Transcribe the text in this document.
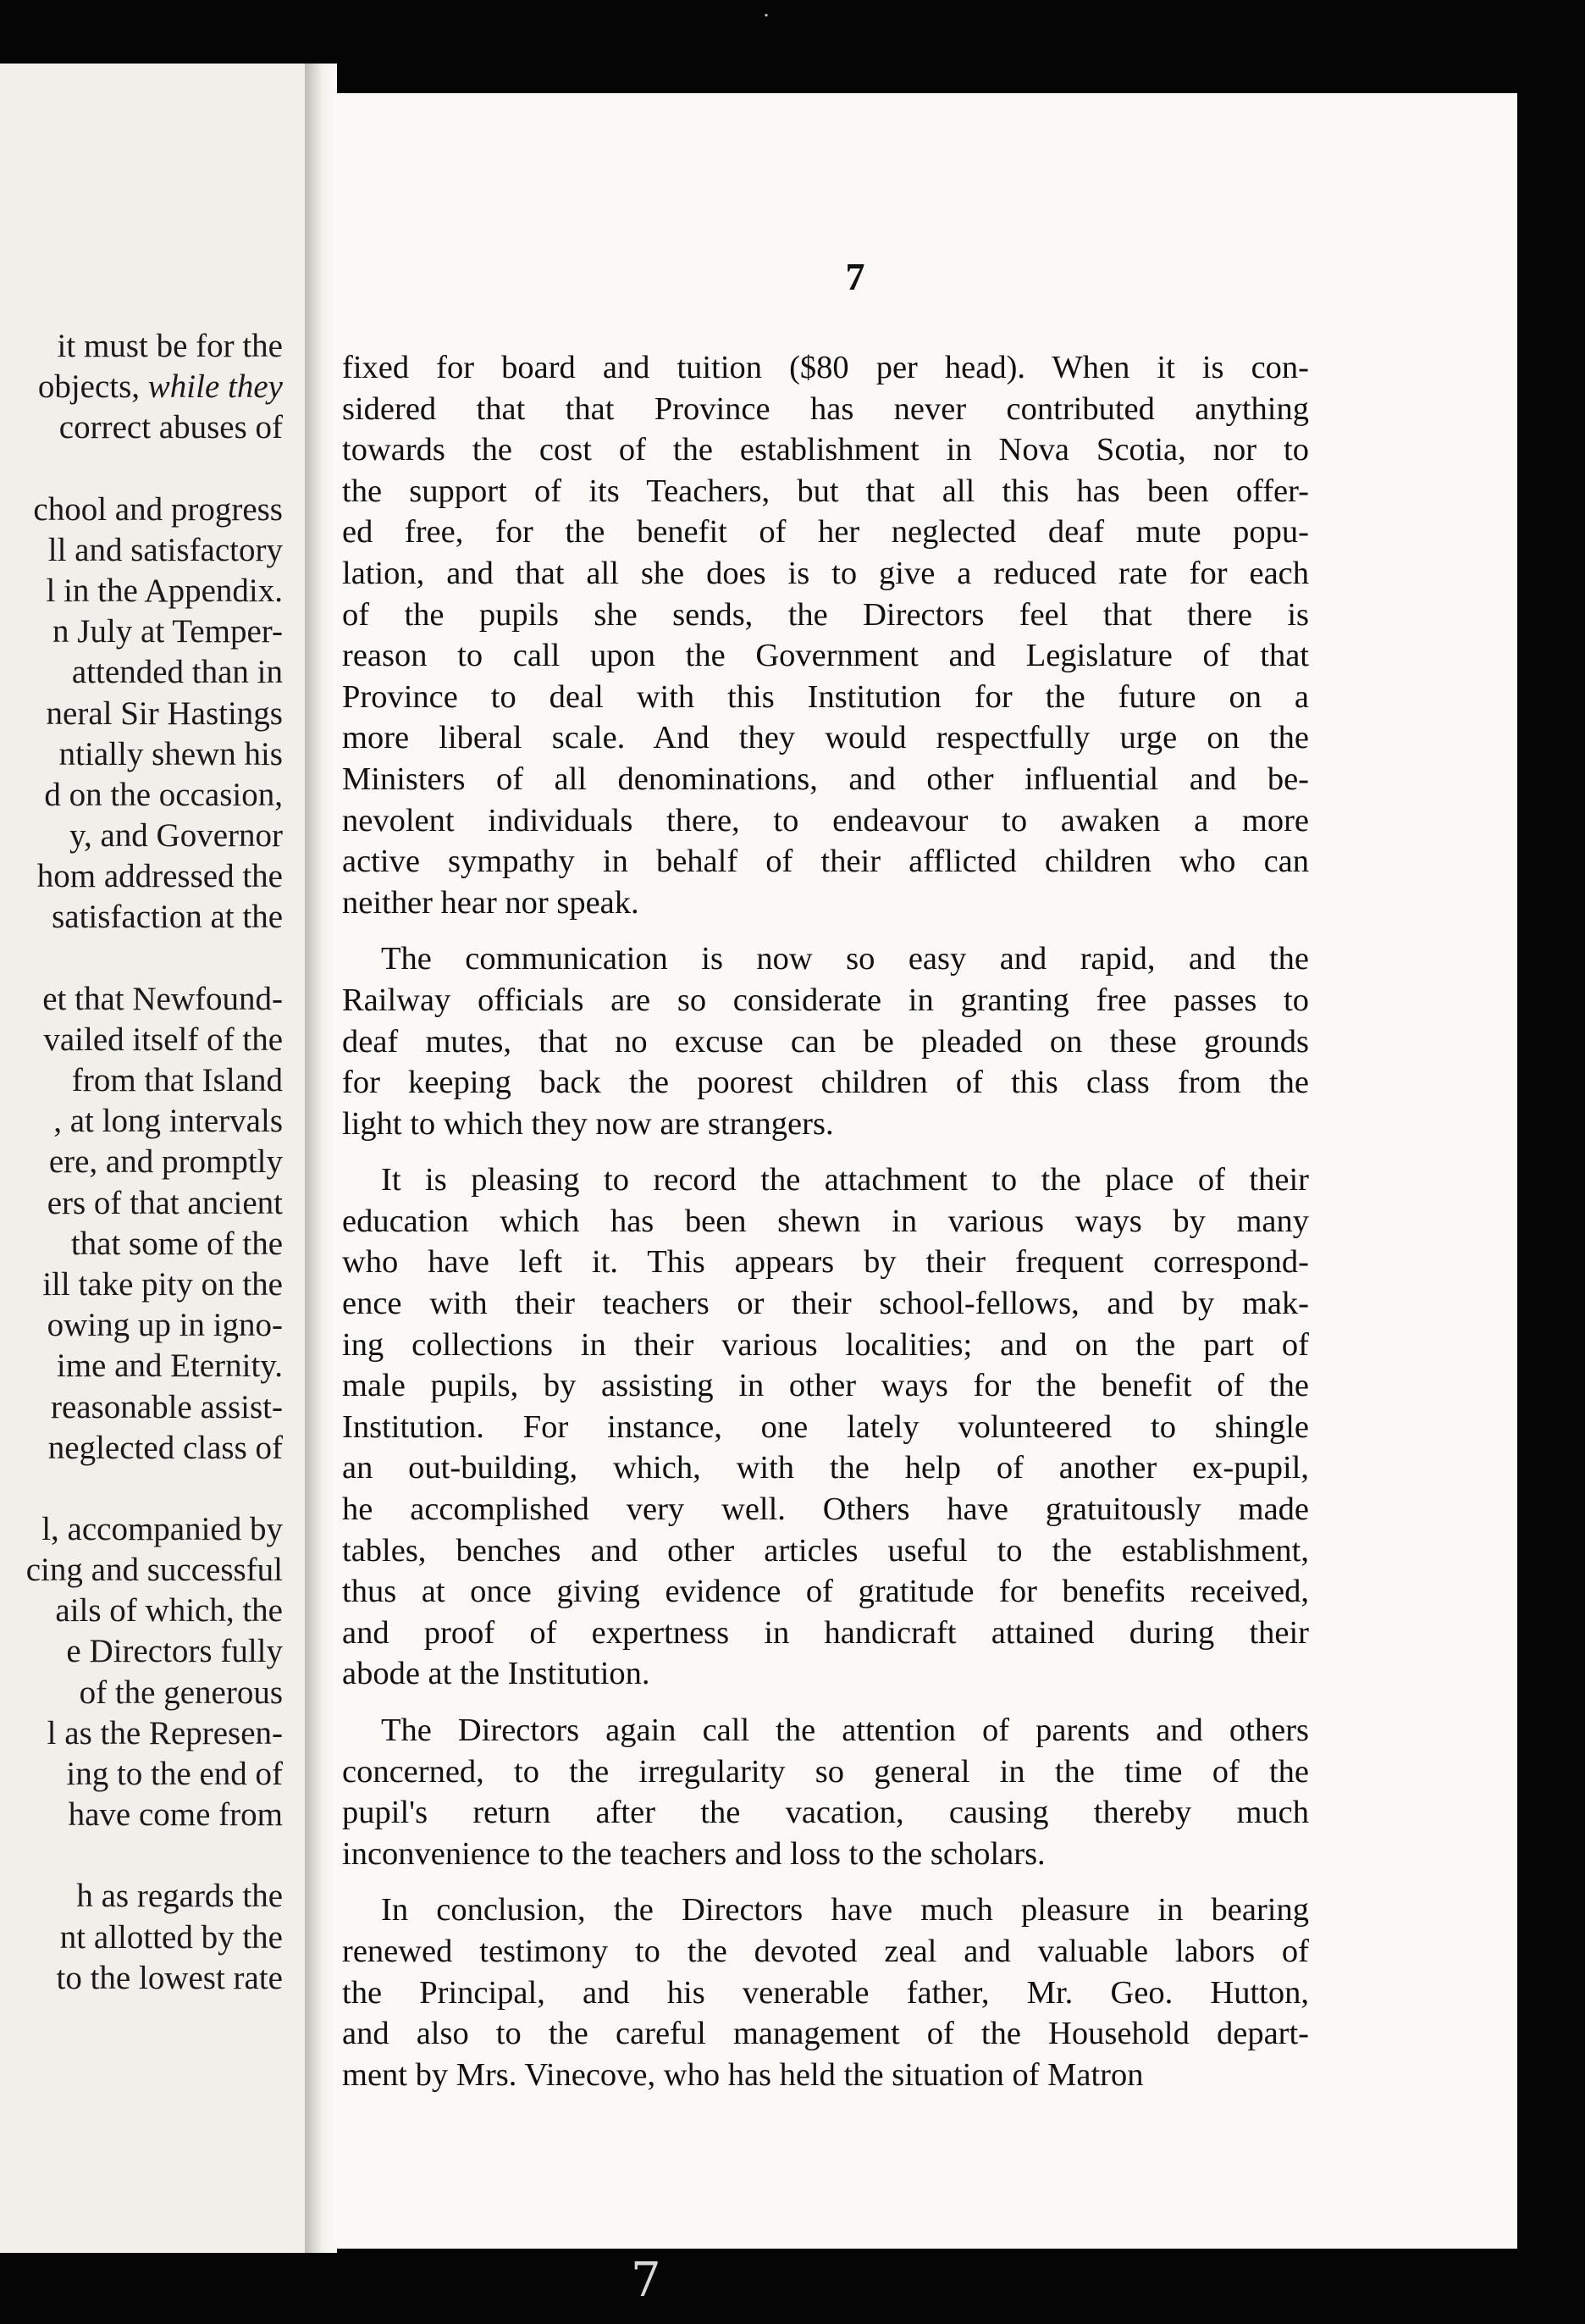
˙
it must be for the
objects, while they
correct abuses of
chool and progress
ll and satisfactory
l in the Appendix.
n July at Temper-
attended than in
neral Sir Hastings
ntially shewn his
d on the occasion,
y, and Governor
hom addressed the
satisfaction at the
et that Newfound-
vailed itself of the
from that Island
, at long intervals
ere, and promptly
ers of that ancient
that some of the
ill take pity on the
owing up in igno-
ime and Eternity.
reasonable assist-
neglected class of
l, accompanied by
cing and successful
ails of which, the
e Directors fully
of the generous
l as the Represen-
ing to the end of
have come from
h as regards the
nt allotted by the
to the lowest rate
7
fixed for board and tuition ($80 per head). When it is con-
sidered that that Province has never contributed anything
towards the cost of the establishment in Nova Scotia, nor to
the support of its Teachers, but that all this has been offer-
ed free, for the benefit of her neglected deaf mute popu-
lation, and that all she does is to give a reduced rate for each
of the pupils she sends, the Directors feel that there is
reason to call upon the Government and Legislature of that
Province to deal with this Institution for the future on a
more liberal scale. And they would respectfully urge on the
Ministers of all denominations, and other influential and be-
nevolent individuals there, to endeavour to awaken a more
active sympathy in behalf of their afflicted children who can
neither hear nor speak.
The communication is now so easy and rapid, and the
Railway officials are so considerate in granting free passes to
deaf mutes, that no excuse can be pleaded on these grounds
for keeping back the poorest children of this class from the
light to which they now are strangers.
It is pleasing to record the attachment to the place of their
education which has been shewn in various ways by many
who have left it. This appears by their frequent correspond-
ence with their teachers or their school-fellows, and by mak-
ing collections in their various localities; and on the part of
male pupils, by assisting in other ways for the benefit of the
Institution. For instance, one lately volunteered to shingle
an out-building, which, with the help of another ex-pupil,
he accomplished very well. Others have gratuitously made
tables, benches and other articles useful to the establishment,
thus at once giving evidence of gratitude for benefits received,
and proof of expertness in handicraft attained during their
abode at the Institution.
The Directors again call the attention of parents and others
concerned, to the irregularity so general in the time of the
pupil's return after the vacation, causing thereby much
inconvenience to the teachers and loss to the scholars.
In conclusion, the Directors have much pleasure in bearing
renewed testimony to the devoted zeal and valuable labors of
the Principal, and his venerable father, Mr. Geo. Hutton,
and also to the careful management of the Household depart-
ment by Mrs. Vinecove, who has held the situation of Matron
7
